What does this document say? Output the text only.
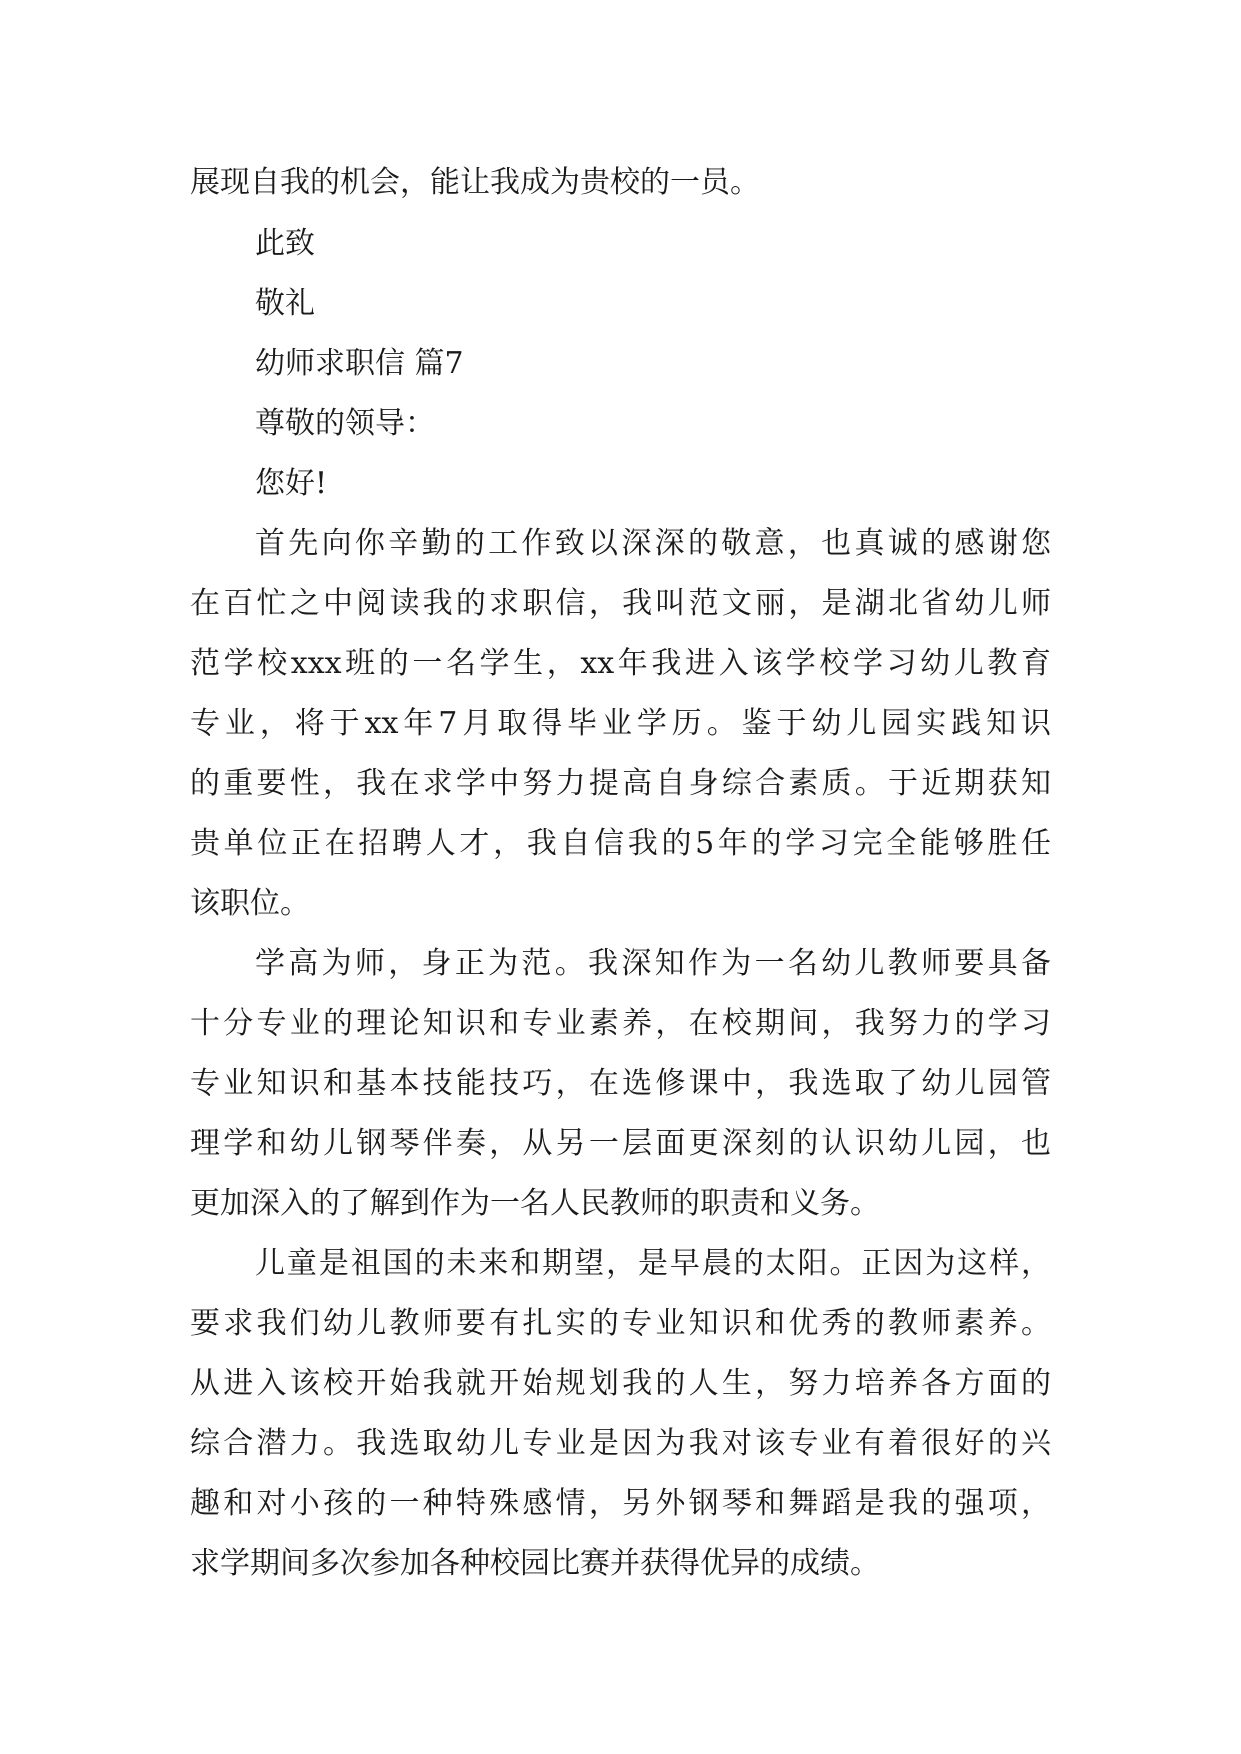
展现自我的机会，能让我成为贵校的一员。
此致
敬礼
幼师求职信 篇7
尊敬的领导：
您好!
首先向你辛勤的工作致以深深的敬意，也真诚的感谢您
在百忙之中阅读我的求职信，我叫范文丽，是湖北省幼儿师
范学校xxx班的一名学生，xx年我进入该学校学习幼儿教育
专业，将于xx年7月取得毕业学历。鉴于幼儿园实践知识
的重要性，我在求学中努力提高自身综合素质。于近期获知
贵单位正在招聘人才，我自信我的5年的学习完全能够胜任
该职位。
学高为师，身正为范。我深知作为一名幼儿教师要具备
十分专业的理论知识和专业素养，在校期间，我努力的学习
专业知识和基本技能技巧，在选修课中，我选取了幼儿园管
理学和幼儿钢琴伴奏，从另一层面更深刻的认识幼儿园，也
更加深入的了解到作为一名人民教师的职责和义务。
儿童是祖国的未来和期望，是早晨的太阳。正因为这样，
要求我们幼儿教师要有扎实的专业知识和优秀的教师素养。
从进入该校开始我就开始规划我的人生，努力培养各方面的
综合潜力。我选取幼儿专业是因为我对该专业有着很好的兴
趣和对小孩的一种特殊感情，另外钢琴和舞蹈是我的强项，
求学期间多次参加各种校园比赛并获得优异的成绩。
